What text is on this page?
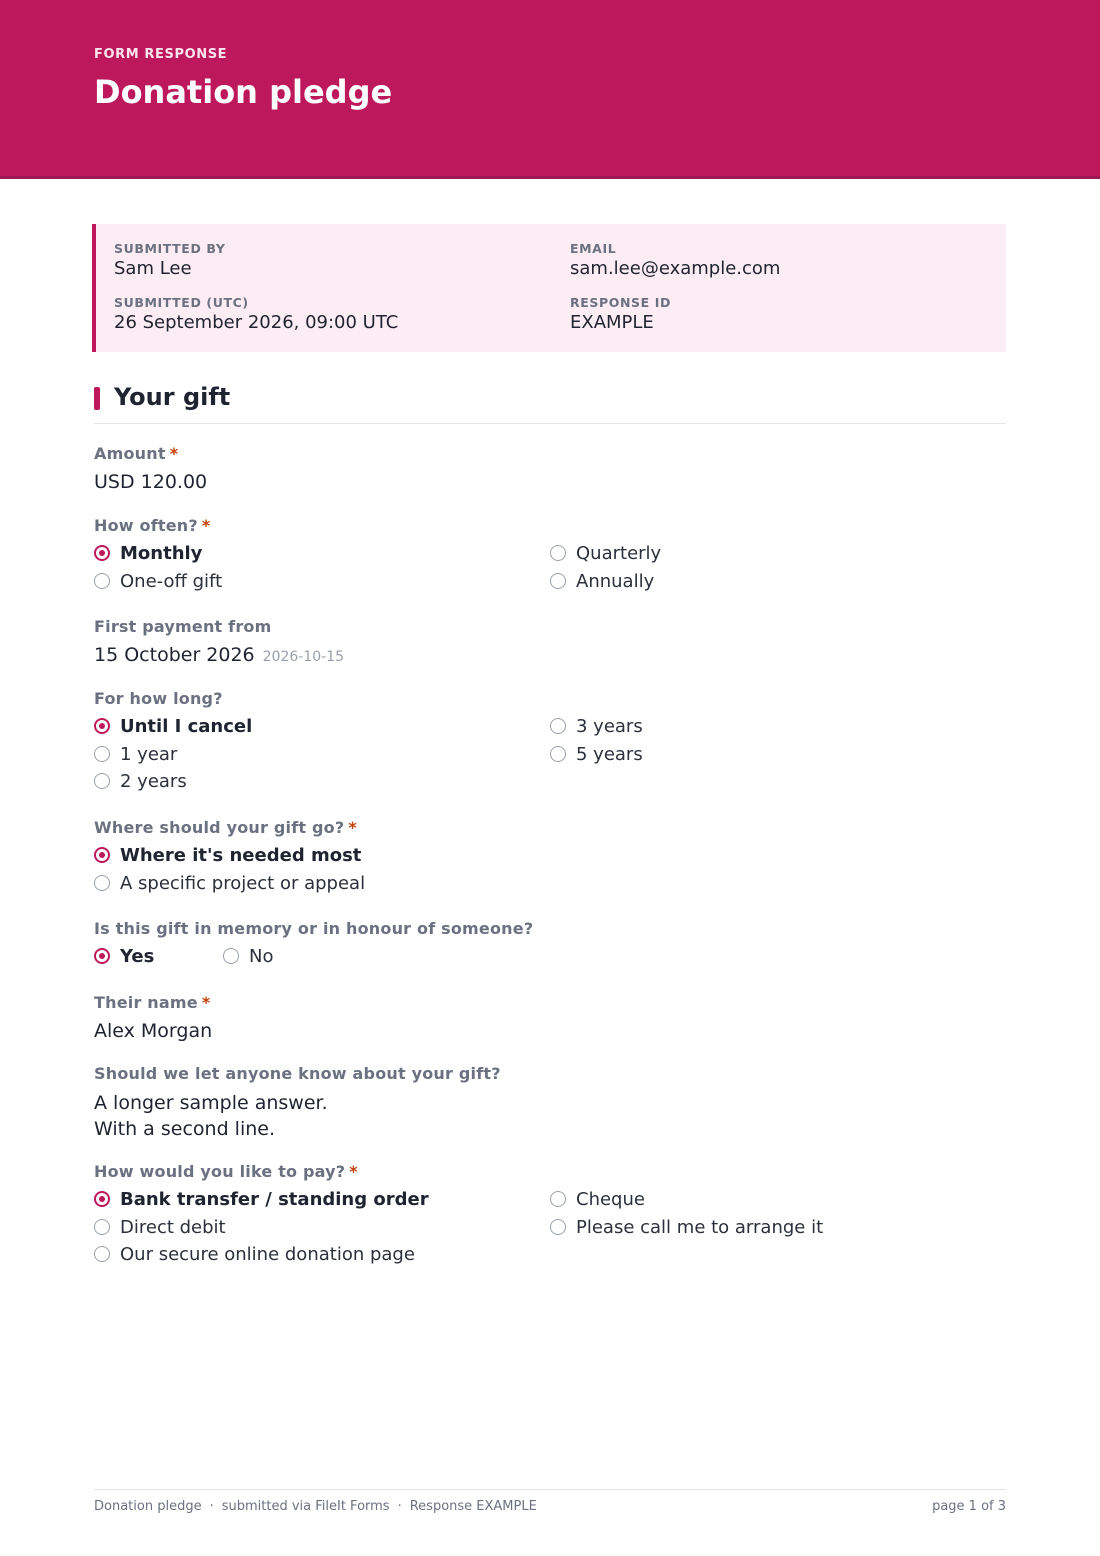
FORM RESPONSE
Donation pledge
SUBMITTED BY
Sam Lee
EMAIL
sam.lee@example.com
SUBMITTED (UTC)
26 September 2026, 09:00 UTC
RESPONSE ID
EXAMPLE
Your gift
Amount *
USD 120.00
How often? *
Monthly
One-off gift
Quarterly
Annually
First payment from
15 October 2026 2026-10-15
For how long?
Until I cancel
1 year
2 years
3 years
5 years
Where should your gift go? *
Where it's needed most
A specific project or appeal
Is this gift in memory or in honour of someone?
Yes	No
Their name *
Alex Morgan
Should we let anyone know about your gift?
A longer sample answer.
With a second line.
How would you like to pay? *
Bank transfer / standing order
Direct debit
Our secure online donation page
Cheque
Please call me to arrange it
Donation pledge · submitted via FileIt Forms · Response EXAMPLE	page 1 of 3
